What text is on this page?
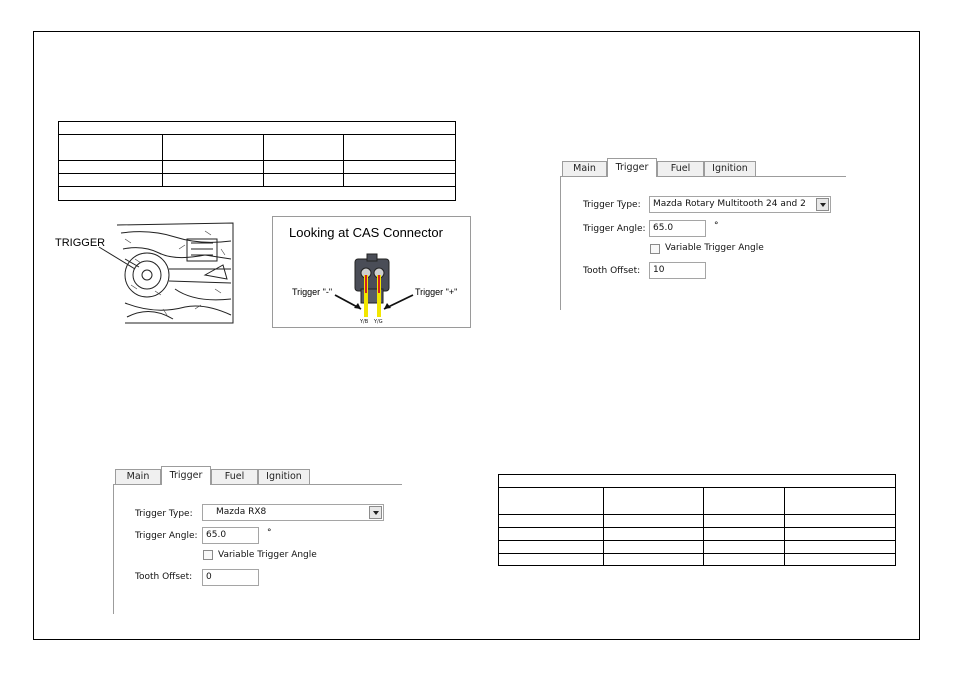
TRIGGER
Looking at CAS Connector
Y/B Y/G
Trigger "-"	Trigger "+"
Main	Trigger	Fuel	Ignition
Trigger Type:	Mazda Rotary Multitooth 24 and 2
Trigger Angle: 65.0	°
Variable Trigger Angle
Tooth Offset:	10
Main	Trigger	Fuel	Ignition
Trigger Type:	Mazda RX8
Trigger Angle: 65.0	°
Variable Trigger Angle
Tooth Offset:	0
